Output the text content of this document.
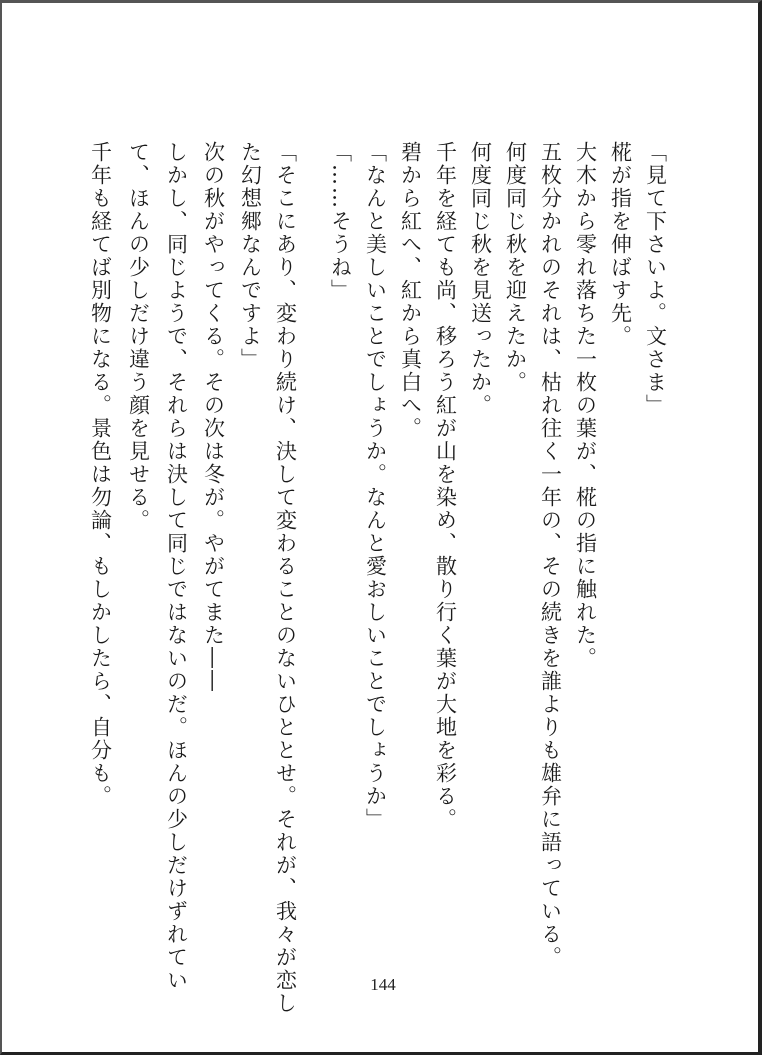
「見て下さいよ。文さま」
椛が指を伸ばす先。
大木から零れ落ちた一枚の葉が、椛の指に触れた。
五枚分かれのそれは、枯れ往く一年の、その続きを誰よりも雄弁に語っている。
何度同じ秋を迎えたか。
何度同じ秋を見送ったか。
千年を経ても尚、移ろう紅が山を染め、散り行く葉が大地を彩る。
碧から紅へ、紅から真白へ。
「なんと美しいことでしょうか。なんと愛おしいことでしょうか」
「……そうね」
「そこにあり、変わり続け、決して変わることのないひととせ。それが、我々が恋し
た幻想郷なんですよ」
次の秋がやってくる。その次は冬が。やがてまた――
しかし、同じようで、それらは決して同じではないのだ。ほんの少しだけずれてい
て、ほんの少しだけ違う顔を見せる。
千年も経てば別物になる。景色は勿論、もしかしたら、自分も。
144
